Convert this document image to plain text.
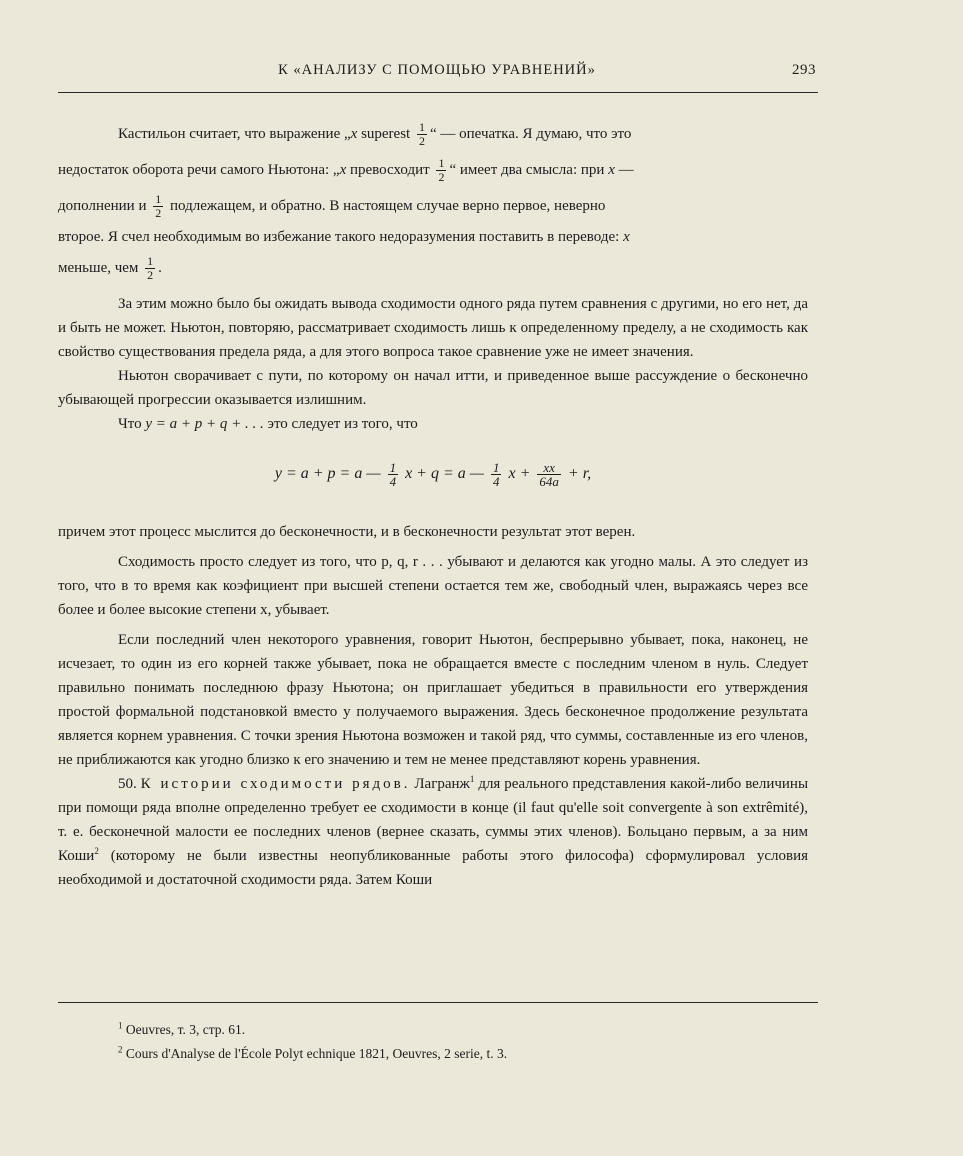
К «АНАЛИЗУ С ПОМОЩЬЮ УРАВНЕНИЙ»	293
Кастильон считает, что выражение „x superest $\frac{1}{2}$ “ — опечатка. Я думаю, что это
недостаток оборота речи самого Ньютона: „x превосходит $\frac{1}{2}$ “ имеет два смысла: при x —
дополнении и $\frac{1}{2}$ подлежащем, и обратно. В настоящем случае верно первое, неверно
второе. Я счел необходимым во избежание такого недоразумения поставить в переводе: x
меньше, чем $\frac{1}{2}$ .

За этим можно было бы ожидать вывода сходимости одного ряда путем сравнения с другими, но его нет, да и быть не может. Ньютон, повторяю, рассматривает сходимость лишь к определенному пределу, а не сходимость как свойство существования предела ряда, а для этого вопроса такое сравнение уже не имеет значения.

Ньютон сворачивает с пути, по которому он начал итти, и приведенное выше рассуждение о бесконечно убывающей прогрессии оказывается излишним.

Что y = a + p + q + . . . это следует из того, что

y = a + p = a — $\frac{1}{4}$ x + q = a — $\frac{1}{4}$ $x + \frac{xx}{64a} + r$,

причем этот процесс мыслится до бесконечности, и в бесконечности результат этот верен.

Сходимость просто следует из того, что p, q, r . . . убывают и делаются как угодно малы. А это следует из того, что в то время как коэфициент при высшей степени остается тем же, свободный член, выражаясь через все более и более высокие степени x, убывает.

Если последний член некоторого уравнения, говорит Ньютон, беспрерывно убывает, пока, наконец, не исчезает, то один из его корней также убывает, пока не обращается вместе с последним членом в нуль. Следует правильно понимать последнюю фразу Ньютона; он приглашает убедиться в правильности его утверждения простой формальной подстановкой вместо y получаемого выражения. Здесь бесконечное продолжение результата является корнем уравнения. С точки зрения Ньютона возможен и такой ряд, что суммы, составленные из его членов, не приближаются как угодно близко к его значению и тем не менее представляют корень уравнения.

50. К истории сходимости рядов. Лагранж$^1$ для реального представления какой-либо величины при помощи ряда вполне определенно требует ее сходимости в конце (il faut qu'elle soit convergente à son extrêmité), т. е. бесконечной малости ее последних членов (вернее сказать, суммы этих членов). Больцано первым, а за ним Коши$^2$ (которому не были известны неопубликованные работы этого философа) сформулировал условия необходимой и достаточной сходимости ряда. Затем Коши

$^1$ Oeuvres, т. 3, стр. 61.
$^2$ Cours d'Analyse de l'École Polyt echnique 1821, Oeuvres, 2 serie, t. 3.
